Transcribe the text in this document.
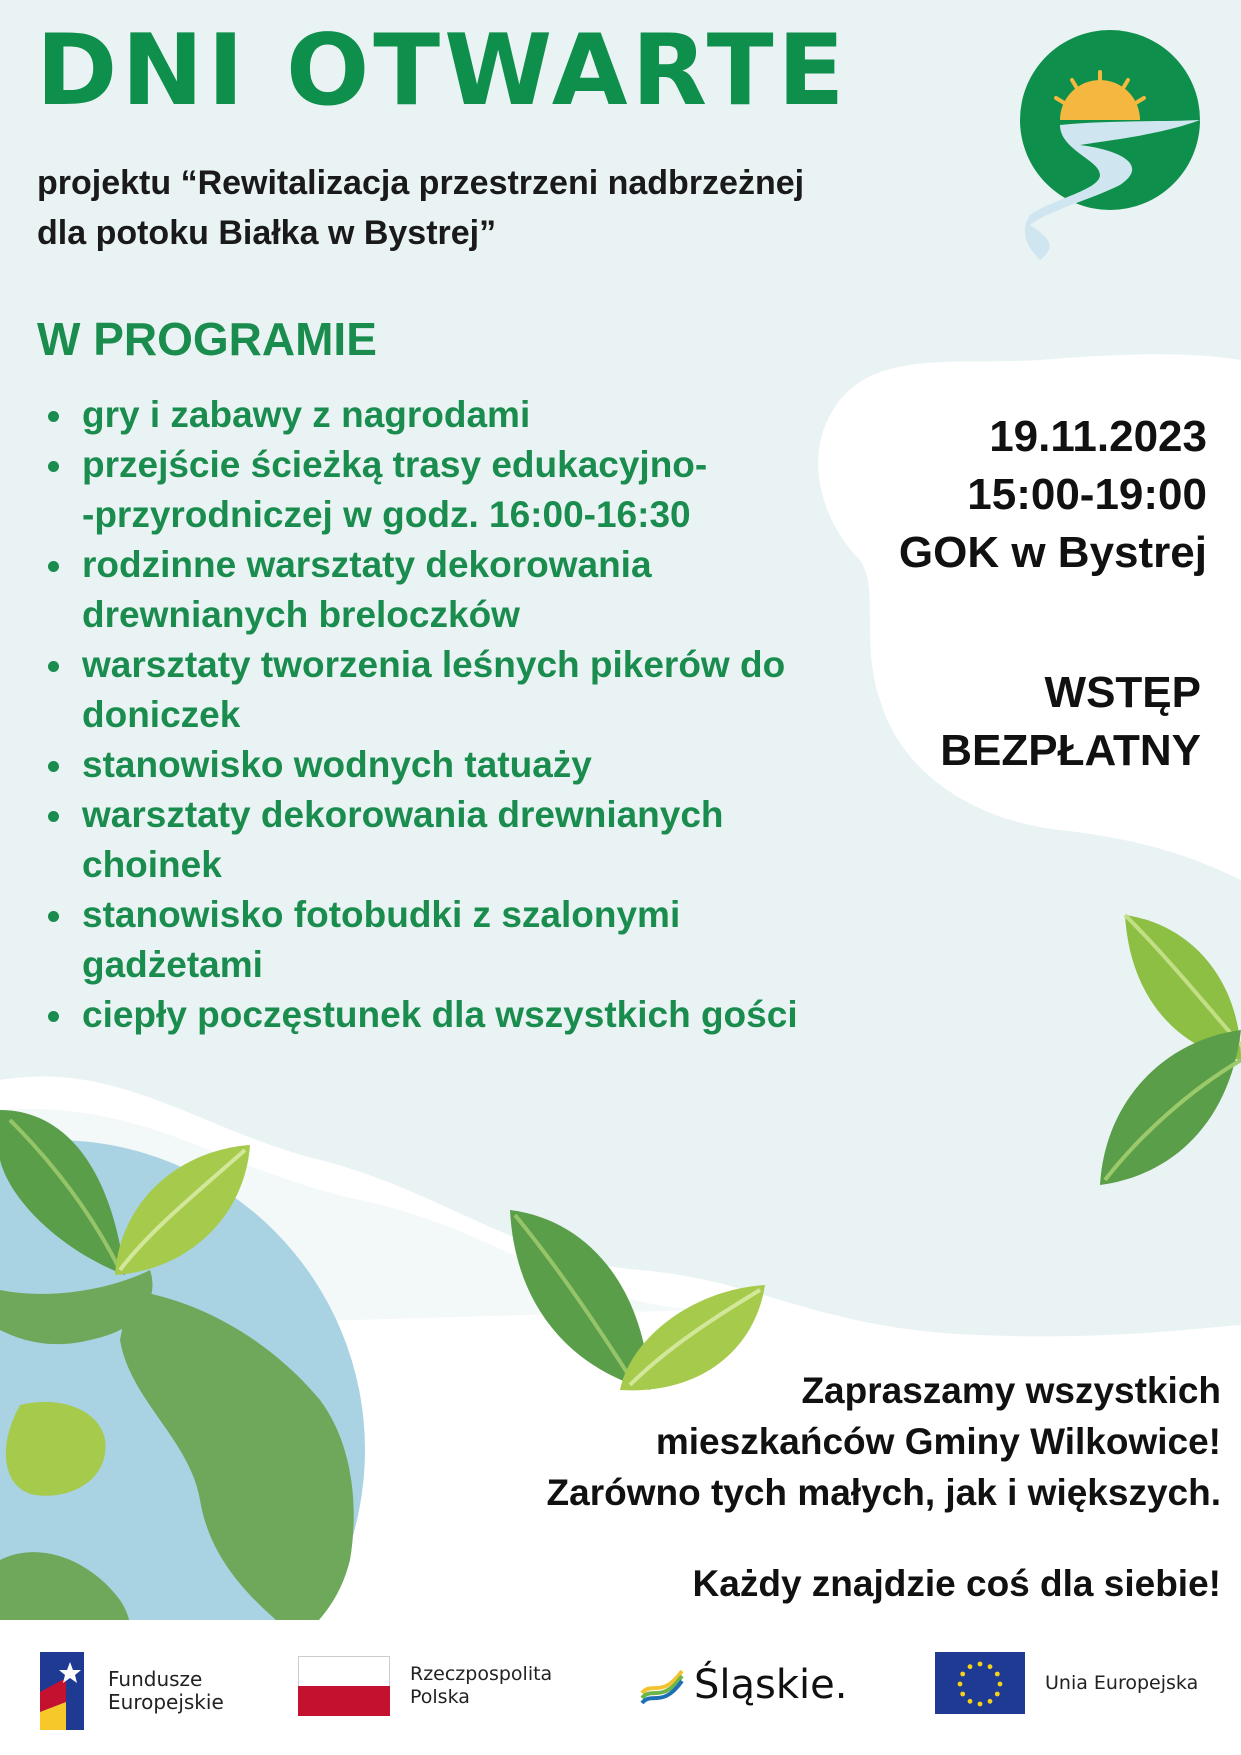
DNI OTWARTE

projektu “Rewitalizacja przestrzeni nadbrzeżnej
dla potoku Białka w Bystrej”

W PROGRAMIE
gry i zabawy z nagrodami
przejście ścieżką trasy edukacyjno-
-przyrodniczej w godz. 16:00-16:30
rodzinne warsztaty dekorowania
drewnianych breloczków
warsztaty tworzenia leśnych pikerów do
doniczek
stanowisko wodnych tatuaży
warsztaty dekorowania drewnianych
choinek
stanowisko fotobudki z szalonymi
gadżetami
ciepły poczęstunek dla wszystkich gości
19.11.2023
15:00-19:00
GOK w Bystrej
WSTĘP
BEZPŁATNY
Zapraszamy wszystkich
mieszkańców Gminy Wilkowice!
Zarówno tych małych, jak i większych.
Każdy znajdzie coś dla siebie!
Fundusze
Europejskie
Rzeczpospolita
Polska	Śląskie.	Unia Europejska
